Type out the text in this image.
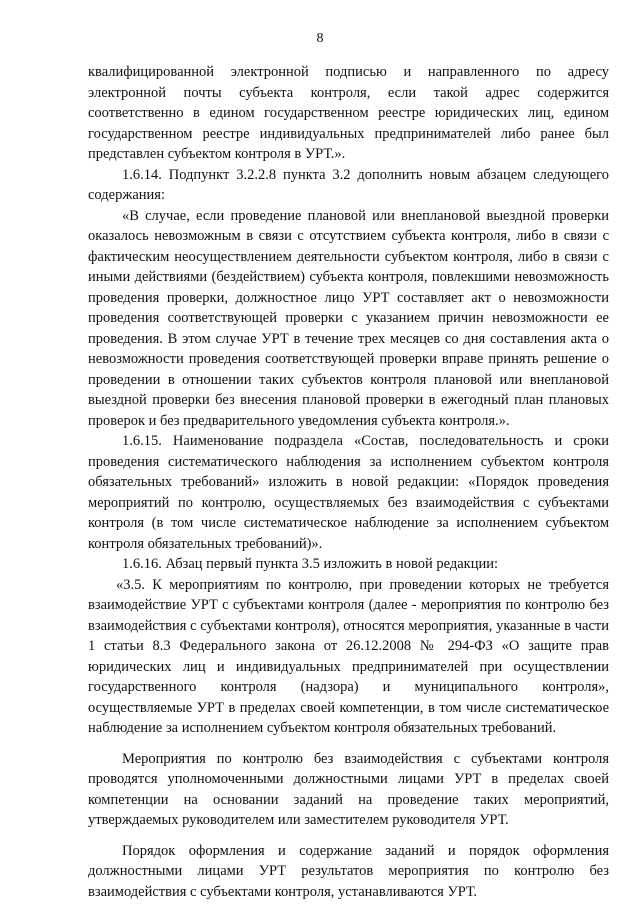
8

квалифицированной электронной подписью и направленного по адресу электронной почты субъекта контроля, если такой адрес содержится соответственно в едином государственном реестре юридических лиц, едином государственном реестре индивидуальных предпринимателей либо ранее был представлен субъектом контроля в УРТ.».

1.6.14. Подпункт 3.2.2.8 пункта 3.2 дополнить новым абзацем следующего содержания:

«В случае, если проведение плановой или внеплановой выездной проверки оказалось невозможным в связи с отсутствием субъекта контроля, либо в связи с фактическим неосуществлением деятельности субъектом контроля, либо в связи с иными действиями (бездействием) субъекта контроля, повлекшими невозможность проведения проверки, должностное лицо УРТ составляет акт о невозможности проведения соответствующей проверки с указанием причин невозможности ее проведения. В этом случае УРТ в течение трех месяцев со дня составления акта о невозможности проведения соответствующей проверки вправе принять решение о проведении в отношении таких субъектов контроля плановой или внеплановой выездной проверки без внесения плановой проверки в ежегодный план плановых проверок и без предварительного уведомления субъекта контроля.».

1.6.15. Наименование подраздела «Состав, последовательность и сроки проведения систематического наблюдения за исполнением субъектом контроля обязательных требований» изложить в новой редакции: «Порядок проведения мероприятий по контролю, осуществляемых без взаимодействия с субъектами контроля (в том числе систематическое наблюдение за исполнением субъектом контроля обязательных требований)».

1.6.16. Абзац первый пункта 3.5 изложить в новой редакции:

«3.5. К мероприятиям по контролю, при проведении которых не требуется взаимодействие УРТ с субъектами контроля (далее - мероприятия по контролю без взаимодействия с субъектами контроля), относятся мероприятия, указанные в части 1 статьи 8.3 Федерального закона от 26.12.2008 № 294-ФЗ «О защите прав юридических лиц и индивидуальных предпринимателей при осуществлении государственного контроля (надзора) и муниципального контроля», осуществляемые УРТ в пределах своей компетенции, в том числе систематическое наблюдение за исполнением субъектом контроля обязательных требований.

Мероприятия по контролю без взаимодействия с субъектами контроля проводятся уполномоченными должностными лицами УРТ в пределах своей компетенции на основании заданий на проведение таких мероприятий, утверждаемых руководителем или заместителем руководителя УРТ.

Порядок оформления и содержание заданий и порядок оформления должностными лицами УРТ результатов мероприятия по контролю без взаимодействия с субъектами контроля, устанавливаются УРТ.
